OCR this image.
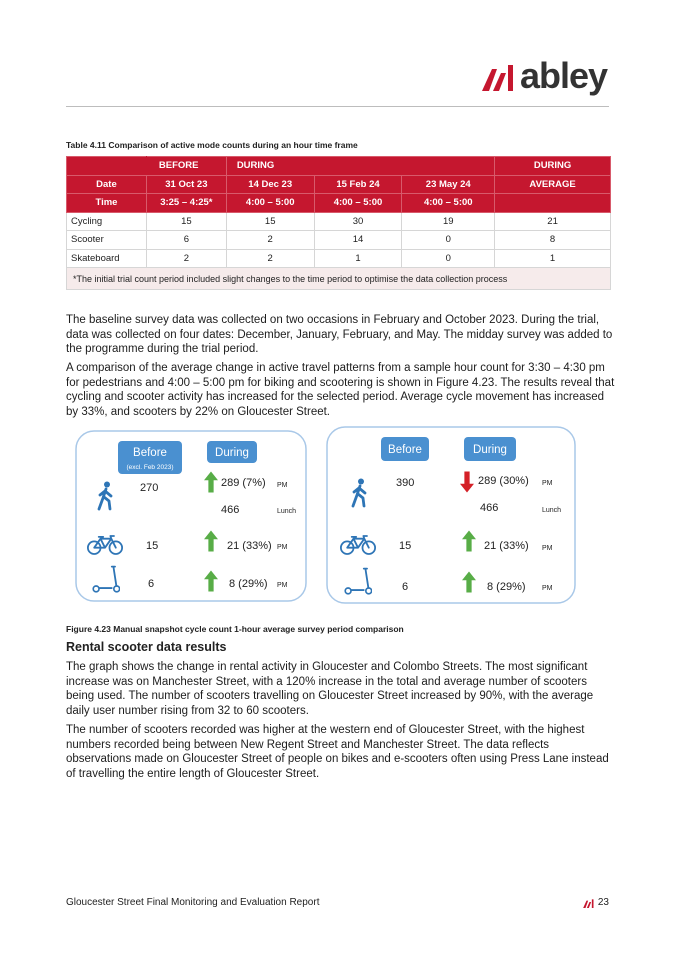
abley
Table 4.11 Comparison of active mode counts during an hour time frame
	BEFORE	DURING			DURING
Date	31 Oct 23	14 Dec 23	15 Feb 24	23 May 24	AVERAGE
Time	3:25 – 4:25*	4:00 – 5:00	4:00 – 5:00	4:00 – 5:00	
Cycling	15	15	30	19	21
Scooter	6	2	14	0	8
Skateboard	2	2	1	0	1
*The initial trial count period included slight changes to the time period to optimise the data collection process					

The baseline survey data was collected on two occasions in February and October 2023. During the trial, data was collected on four dates: December, January, February, and May. The midday survey was added to the programme during the trial period.

A comparison of the average change in active travel patterns from a sample hour count for 3:30 – 4:30 pm for pedestrians and 4:00 – 5:00 pm for biking and scootering is shown in Figure 4.23. The results reveal that cycling and scooter activity has increased for the selected period. Average cycle movement has increased by 33%, and scooters by 22% on Gloucester Street.

Before
(excl. Feb 2023)
During
270	289 (7%) PM
466	Lunch
15	21 (33%) PM
6	8 (29%) PM
Before	During
390	289 (30%) PM
466	Lunch
15	21 (33%) PM
6	8 (29%) PM
Figure 4.23 Manual snapshot cycle count 1-hour average survey period comparison
Rental scooter data results

The graph shows the change in rental activity in Gloucester and Colombo Streets. The most significant increase was on Manchester Street, with a 120% increase in the total and average number of scooters being used. The number of scooters travelling on Gloucester Street increased by 90%, with the average daily user number rising from 32 to 60 scooters.

The number of scooters recorded was higher at the western end of Gloucester Street, with the highest numbers recorded being between New Regent Street and Manchester Street. The data reflects observations made on Gloucester Street of people on bikes and e-scooters often using Press Lane instead of travelling the entire length of Gloucester Street.

Gloucester Street Final Monitoring and Evaluation Report	23
